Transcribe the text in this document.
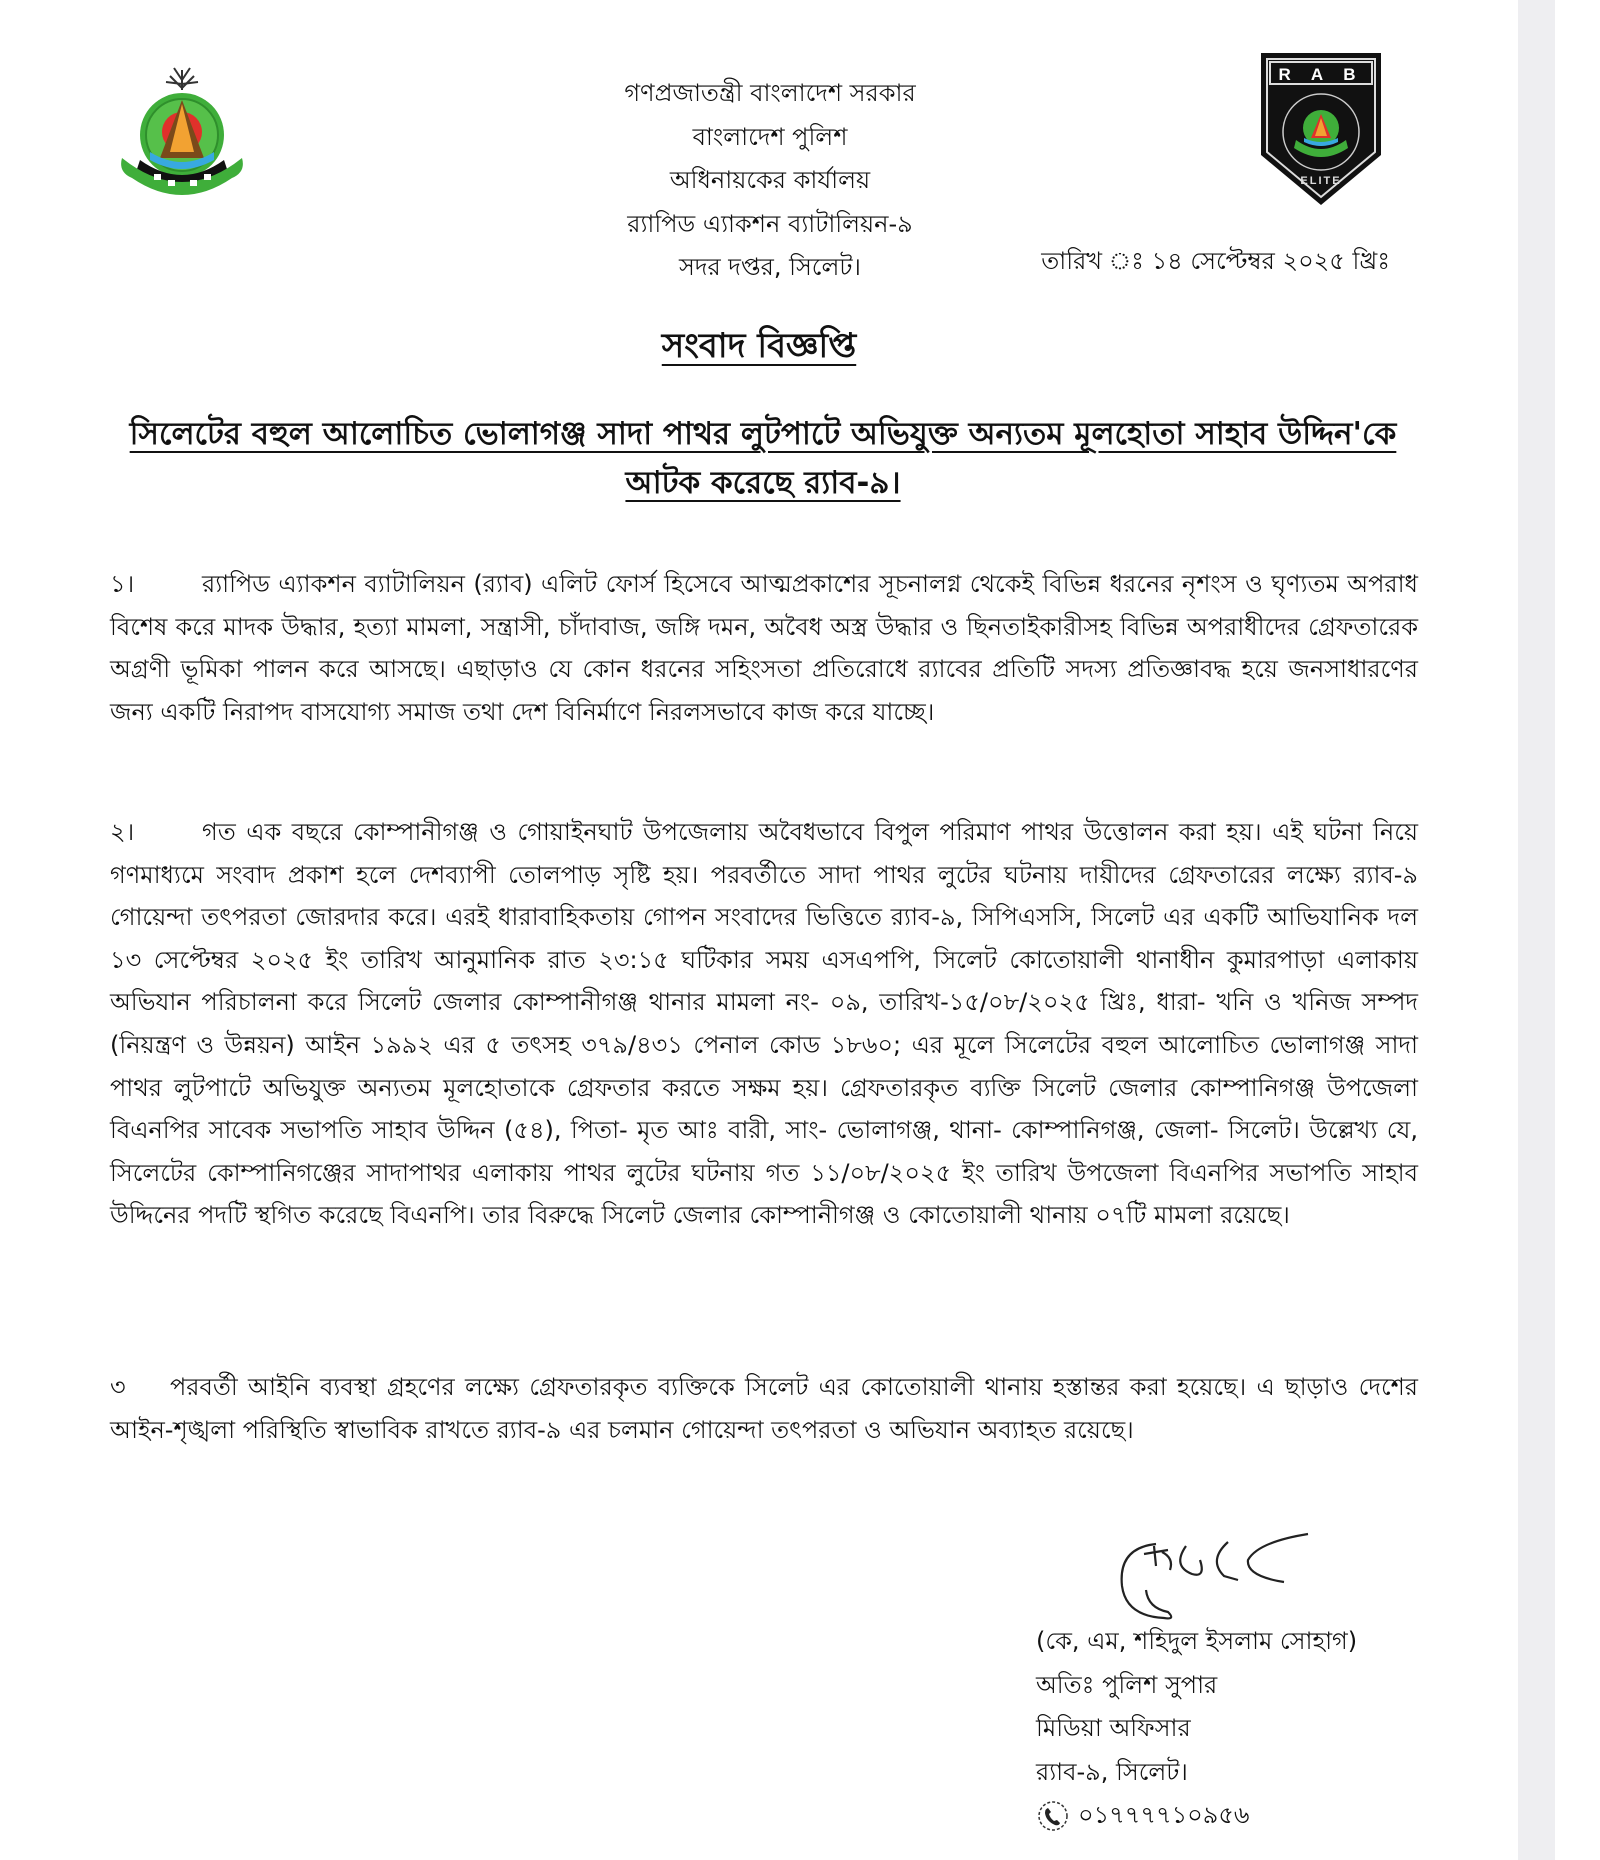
গণপ্রজাতন্ত্রী বাংলাদেশ সরকার
বাংলাদেশ পুলিশ
অধিনায়কের কার্যালয়
র‍্যাপিড এ্যাকশন ব্যাটালিয়ন-৯
সদর দপ্তর, সিলেট।
R A B
ELITE
তারিখ ঃ ১৪ সেপ্টেম্বর ২০২৫ খ্রিঃ
সংবাদ বিজ্ঞপ্তি
সিলেটের বহুল আলোচিত ভোলাগঞ্জ সাদা পাথর লুটপাটে অভিযুক্ত অন্যতম মূলহোতা সাহাব উদ্দিন'কে আটক করেছে র‍্যাব-৯।
১।	র‍্যাপিড এ্যাকশন ব্যাটালিয়ন (র‍্যাব) এলিট ফোর্স হিসেবে আত্মপ্রকাশের সূচনালগ্ন থেকেই বিভিন্ন ধরনের নৃশংস ও ঘৃণ্যতম অপরাধ বিশেষ করে মাদক উদ্ধার, হত্যা মামলা, সন্ত্রাসী, চাঁদাবাজ, জঙ্গি দমন, অবৈধ অস্ত্র উদ্ধার ও ছিনতাইকারীসহ বিভিন্ন অপরাধীদের গ্রেফতারেক অগ্রণী ভূমিকা পালন করে আসছে। এছাড়াও যে কোন ধরনের সহিংসতা প্রতিরোধে র‍্যাবের প্রতিটি সদস্য প্রতিজ্ঞাবদ্ধ হয়ে জনসাধারণের জন্য একটি নিরাপদ বাসযোগ্য সমাজ তথা দেশ বিনির্মাণে নিরলসভাবে কাজ করে যাচ্ছে।
২।	গত এক বছরে কোম্পানীগঞ্জ ও গোয়াইনঘাট উপজেলায় অবৈধভাবে বিপুল পরিমাণ পাথর উত্তোলন করা হয়। এই ঘটনা নিয়ে গণমাধ্যমে সংবাদ প্রকাশ হলে দেশব্যাপী তোলপাড় সৃষ্টি হয়। পরবর্তীতে সাদা পাথর লুটের ঘটনায় দায়ীদের গ্রেফতারের লক্ষ্যে র‍্যাব-৯ গোয়েন্দা তৎপরতা জোরদার করে। এরই ধারাবাহিকতায় গোপন সংবাদের ভিত্তিতে র‍্যাব-৯, সিপিএসসি, সিলেট এর একটি আভিযানিক দল ১৩ সেপ্টেম্বর ২০২৫ ইং তারিখ আনুমানিক রাত ২৩:১৫ ঘটিকার সময় এসএপপি, সিলেট কোতোয়ালী থানাধীন কুমারপাড়া এলাকায় অভিযান পরিচালনা করে সিলেট জেলার কোম্পানীগঞ্জ থানার মামলা নং- ০৯, তারিখ-১৫/০৮/২০২৫ খ্রিঃ, ধারা- খনি ও খনিজ সম্পদ (নিয়ন্ত্রণ ও উন্নয়ন) আইন ১৯৯২ এর ৫ তৎসহ ৩৭৯/৪৩১ পেনাল কোড ১৮৬০; এর মূলে সিলেটের বহুল আলোচিত ভোলাগঞ্জ সাদা পাথর লুটপাটে অভিযুক্ত অন্যতম মূলহোতাকে গ্রেফতার করতে সক্ষম হয়। গ্রেফতারকৃত ব্যক্তি সিলেট জেলার কোম্পানিগঞ্জ উপজেলা বিএনপির সাবেক সভাপতি সাহাব উদ্দিন (৫৪), পিতা- মৃত আঃ বারী, সাং- ভোলাগঞ্জ, থানা- কোম্পানিগঞ্জ, জেলা- সিলেট। উল্লেখ্য যে, সিলেটের কোম্পানিগঞ্জের সাদাপাথর এলাকায় পাথর লুটের ঘটনায় গত ১১/০৮/২০২৫ ইং তারিখ উপজেলা বিএনপির সভাপতি সাহাব উদ্দিনের পদটি স্থগিত করেছে বিএনপি। তার বিরুদ্ধে সিলেট জেলার কোম্পানীগঞ্জ ও কোতোয়ালী থানায় ০৭টি মামলা রয়েছে।
৩ পরবর্তী আইনি ব্যবস্থা গ্রহণের লক্ষ্যে গ্রেফতারকৃত ব্যক্তিকে সিলেট এর কোতোয়ালী থানায় হস্তান্তর করা হয়েছে। এ ছাড়াও দেশের আইন-শৃঙ্খলা পরিস্থিতি স্বাভাবিক রাখতে র‍্যাব-৯ এর চলমান গোয়েন্দা তৎপরতা ও অভিযান অব্যাহত রয়েছে।
(কে, এম, শহিদুল ইসলাম সোহাগ)
অতিঃ পুলিশ সুপার
মিডিয়া অফিসার
র‍্যাব-৯, সিলেট।
০১৭৭৭৭১০৯৫৬
